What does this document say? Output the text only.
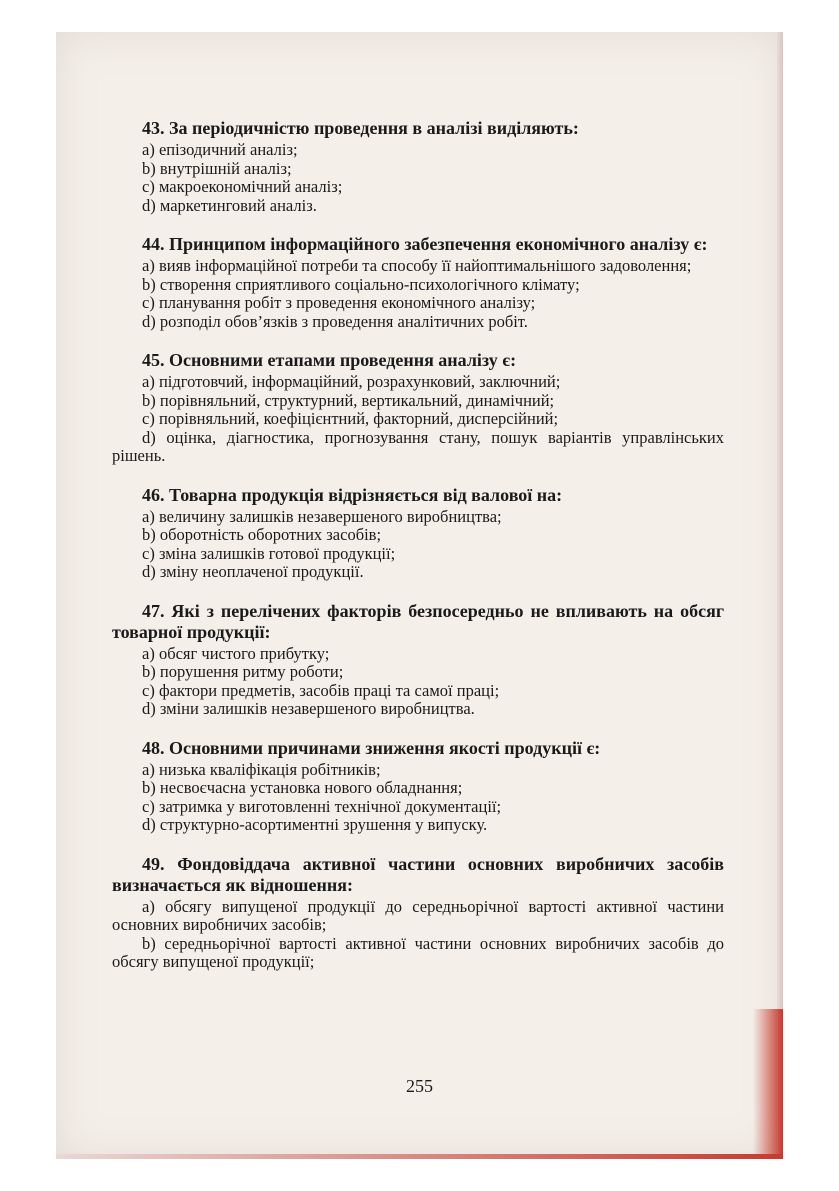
43. За періодичністю проведення в аналізі виділяють:
a) епізодичний аналіз;
b) внутрішній аналіз;
c) макроекономічний аналіз;
d) маркетинговий аналіз.
44. Принципом інформаційного забезпечення економічного аналізу є:
a) вияв інформаційної потреби та способу її найоптимальнішого задоволення;
b) створення сприятливого соціально-психологічного клімату;
c) планування робіт з проведення економічного аналізу;
d) розподіл обов’язків з проведення аналітичних робіт.
45. Основними етапами проведення аналізу є:
a) підготовчий, інформаційний, розрахунковий, заключний;
b) порівняльний, структурний, вертикальний, динамічний;
c) порівняльний, коефіцієнтний, факторний, дисперсійний;
d) оцінка, діагностика, прогнозування стану, пошук варіантів управлінських рішень.
46. Товарна продукція відрізняється від валової на:
a) величину залишків незавершеного виробництва;
b) оборотність оборотних засобів;
c) зміна залишків готової продукції;
d) зміну неоплаченої продукції.
47. Які з перелічених факторів безпосередньо не впливають на обсяг товарної продукції:
a) обсяг чистого прибутку;
b) порушення ритму роботи;
c) фактори предметів, засобів праці та самої праці;
d) зміни залишків незавершеного виробництва.
48. Основними причинами зниження якості продукції є:
a) низька кваліфікація робітників;
b) несвоєчасна установка нового обладнання;
c) затримка у виготовленні технічної документації;
d) структурно-асортиментні зрушення у випуску.
49. Фондовіддача активної частини основних виробничих засобів визначається як відношення:
a) обсягу випущеної продукції до середньорічної вартості активної частини основних виробничих засобів;
b) середньорічної вартості активної частини основних виробничих засобів до обсягу випущеної продукції;
255
